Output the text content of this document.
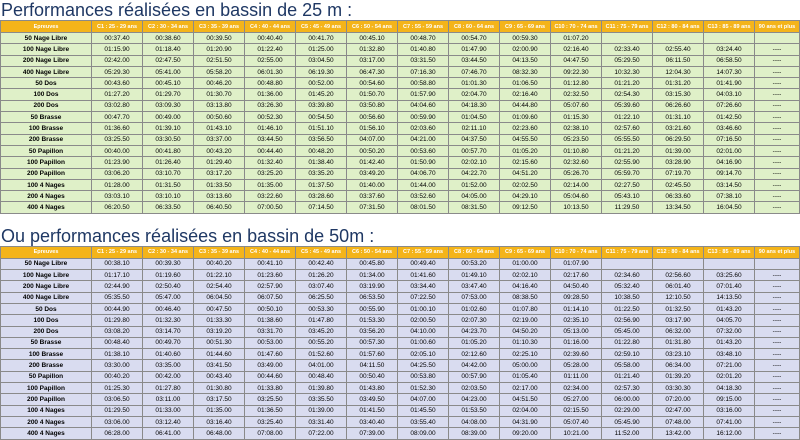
Performances réalisées en bassin de 25 m :
Epreuves	C1 : 25 - 29 ans	C2 : 30 - 34 ans	C3 : 35 - 39 ans	C4 : 40 - 44 ans	C5 : 45 - 49 ans	C6 : 50 - 54 ans	C7 : 55 - 59 ans	C8 : 60 - 64 ans	C9 : 65 - 69 ans	C10 : 70 - 74 ans	C11 : 75 - 79 ans	C12 : 80 - 84 ans	C13 : 85 - 89 ans	90 ans et plus
50 Nage Libre	00:37.40	00:38.60	00:39.50	00:40.40	00:41.70	00:45.10	00:48.70	00:54.70	00:59.30	01:07.20				
100 Nage Libre	01:15.90	01:18.40	01:20.90	01:22.40	01:25.00	01:32.80	01:40.80	01:47.90	02:00.90	02:16.40	02:33.40	02:55.40	03:24.40	----
200 Nage Libre	02:42.00	02:47.50	02:51.50	02:55.00	03:04.50	03:17.00	03:31.50	03:44.50	04:13.50	04:47.50	05:29.50	06:11.50	06:58.50	----
400 Nage Libre	05:29.30	05:41.00	05:58.20	06:01.30	06:19.30	06:47.30	07:16.30	07:46.70	08:32.30	09:22.30	10:32.30	12:04.30	14:07.30	----
50 Dos	00:43.60	00:45.10	00:46.20	00:48.80	00:52.00	00:54.60	00:58.80	01:01.30	01:06.50	01:12.80	01:21.20	01:31.20	01:41.90	----
100 Dos	01:27.20	01:29.70	01:30.70	01:36.00	01:45.20	01:50.70	01:57.90	02:04.70	02:16.40	02:32.50	02:54.30	03:15.30	04:03.10	----
200 Dos	03:02.80	03:09.30	03:13.80	03:26.30	03:39.80	03:50.80	04:04.60	04:18.30	04:44.80	05:07.60	05:39.60	06:26.60	07:26.60	----
50 Brasse	00:47.70	00:49.00	00:50.60	00:52.30	00:54.50	00:56.60	00:59.90	01:04.50	01:09.60	01:15.30	01:22.10	01:31.10	01:42.50	----
100 Brasse	01:36.60	01:39.10	01:43.10	01:46.10	01:51.10	01:56.10	02:03.60	02:11.10	02:23.60	02:38.10	02:57.60	03:21.60	03:46.60	----
200 Brasse	03:25.50	03:30.50	03:37.00	03:44.50	03:56.50	04:07.00	04:21.00	04:37.50	04:55.50	05:23.50	05:55.50	06:29.50	07:16.50	----
50 Papillon	00:40.00	00:41.80	00:43.20	00:44.40	00:48.20	00:50.20	00:53.60	00:57.70	01:05.20	01:10.80	01:21.20	01:39.00	02:01.00	----
100 Papillon	01:23.90	01:26.40	01:29.40	01:32.40	01:38.40	01:42.40	01:50.90	02:02.10	02:15.60	02:32.60	02:55.90	03:28.90	04:16.90	----
200 Papillon	03:06.20	03:10.70	03:17.20	03:25.20	03:35.20	03:49.20	04:06.70	04:22.70	04:51.20	05:26.70	05:59.70	07:19.70	09:14.70	----
100 4 Nages	01:28.00	01:31.50	01:33.50	01:35.00	01:37.50	01:40.00	01:44.00	01:52.00	02:02.50	02:14.00	02:27.50	02:45.50	03:14.50	----
200 4 Nages	03:03.10	03:10.10	03:13.60	03:22.60	03:28.60	03:37.60	03:52.60	04:05.00	04:29.10	05:04.60	05:43.10	06:33.60	07:38.10	----
400 4 Nages	06:20.50	06:33.50	06:40.50	07:00.50	07:14.50	07:31.50	08:01.50	08:31.50	09:12.50	10:13.50	11:29.50	13:34.50	16:04.50	----
Ou performances réalisées en bassin de 50m :
Epreuves	C1 : 25 - 29 ans	C2 : 30 - 34 ans	C3 : 35 - 39 ans	C4 : 40 - 44 ans	C5 : 45 - 49 ans	C6 : 50 - 54 ans	C7 : 55 - 59 ans	C8 : 60 - 64 ans	C9 : 65 - 69 ans	C10 : 70 - 74 ans	C11 : 75 - 79 ans	C12 : 80 - 84 ans	C13 : 85 - 89 ans	90 ans et plus
50 Nage Libre	00:38.10	00:39.30	00:40.20	00:41.10	00:42.40	00:45.80	00:49.40	00:53.20	01:00.00	01:07.90				
100 Nage Libre	01:17.10	01:19.60	01:22.10	01:23.60	01:26.20	01:34.00	01:41.60	01:49.10	02:02.10	02:17.60	02:34.60	02:56.60	03:25.60	----
200 Nage Libre	02:44.90	02:50.40	02:54.40	02:57.90	03:07.40	03:19.90	03:34.40	03:47.40	04:16.40	04:50.40	05:32.40	06:01.40	07:01.40	----
400 Nage Libre	05:35.50	05:47.00	06:04.50	06:07.50	06:25.50	06:53.50	07:22.50	07:53.00	08:38.50	09:28.50	10:38.50	12:10.50	14:13.50	----
50 Dos	00:44.90	00:46.40	00:47.50	00:50.10	00:53.30	00:55.90	01:00.10	01:02.60	01:07.80	01:14.10	01:22.50	01:32.50	01:43.20	----
100 Dos	01:29.80	01:32.30	01:33.30	01:38.60	01:47.80	01:53.30	02:00.50	02:07.30	02:19.00	02:35.10	02:56.90	03:17.90	04:05.70	----
200 Dos	03:08.20	03:14.70	03:19.20	03:31.70	03:45.20	03:56.20	04:10.00	04:23.70	04:50.20	05:13.00	05:45.00	06:32.00	07:32.00	----
50 Brasse	00:48.40	00:49.70	00:51.30	00:53.00	00:55.20	00:57.30	01:00.60	01:05.20	01:10.30	01:16.00	01:22.80	01:31.80	01:43.20	----
100 Brasse	01:38.10	01:40.60	01:44.60	01:47.60	01:52.60	01:57.60	02:05.10	02:12.60	02:25.10	02:39.60	02:59.10	03:23.10	03:48.10	----
200 Brasse	03:30.00	03:35.00	03:41.50	03:49.00	04:01.00	04:11.50	04:25.50	04:42.00	05:00.00	05:28.00	05:58.00	06:34.00	07:21.00	----
50 Papillon	00:40.20	00:42.00	00:43.40	00:44.60	00:48.40	00:50.40	00:53.80	00:57.90	01:05.40	01:11.00	01:21.40	01:39.20	02:01.20	----
100 Papillon	01:25.30	01:27.80	01:30.80	01:33.80	01:39.80	01:43.80	01:52.30	02:03.50	02:17.00	02:34.00	02:57.30	03:30.30	04:18.30	----
200 Papillon	03:06.50	03:11.00	03:17.50	03:25.50	03:35.50	03:49.50	04:07.00	04:23.00	04:51.50	05:27.00	06:00.00	07:20.00	09:15.00	----
100 4 Nages	01:29.50	01:33.00	01:35.00	01:36.50	01:39.00	01:41.50	01:45.50	01:53.50	02:04.00	02:15.50	02:29.00	02:47.00	03:16.00	----
200 4 Nages	03:06.00	03:12.40	03:16.40	03:25.40	03:31.40	03:40.40	03:55.40	04:08.00	04:31.90	05:07.40	05:45.90	07:48.00	07:41.00	----
400 4 Nages	06:28.00	06:41.00	06:48.00	07:08.00	07:22.00	07:39.00	08:09.00	08:39.00	09:20.00	10:21.00	11:52.00	13:42.00	16:12.00	----
